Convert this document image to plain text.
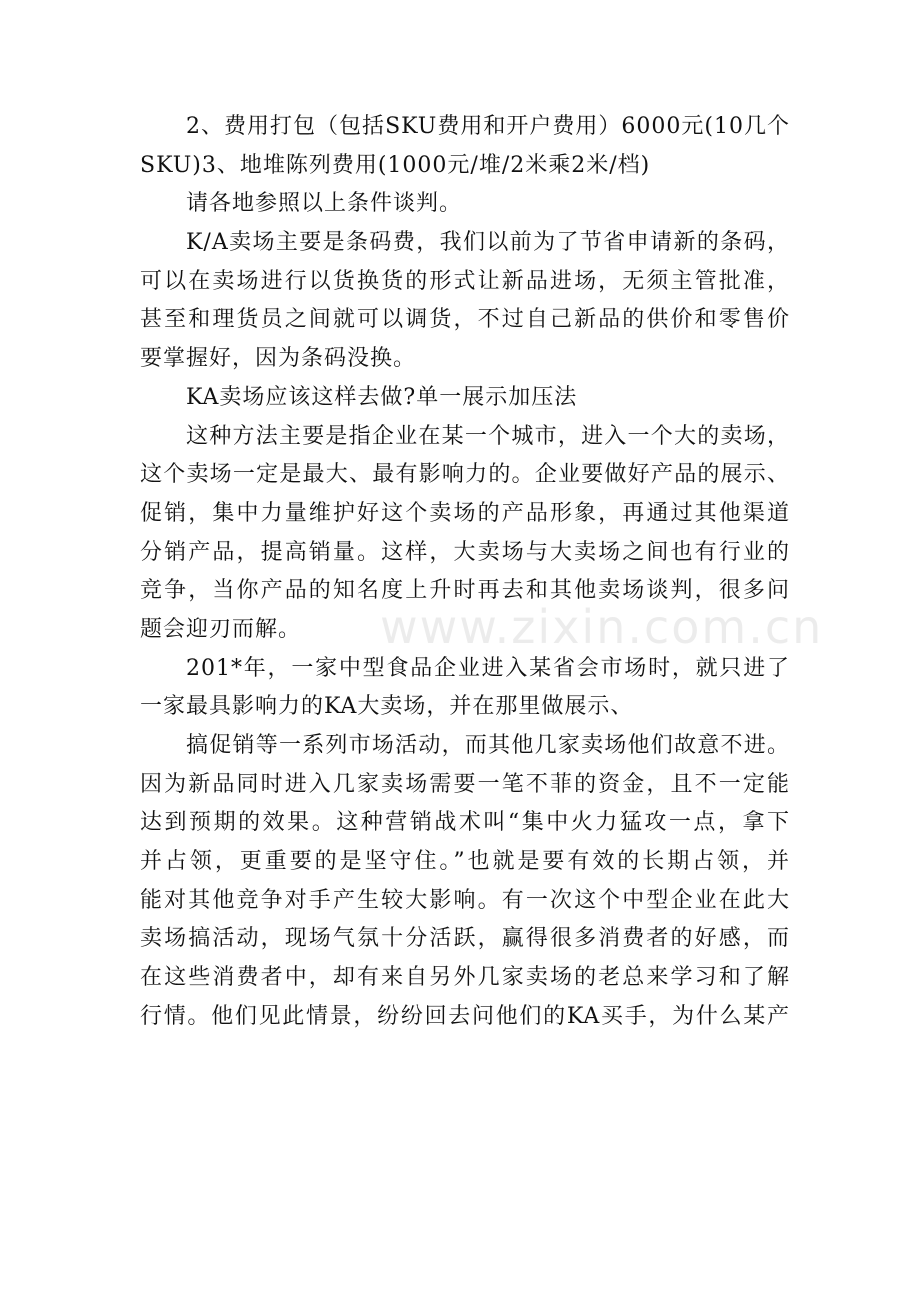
2、费用打包（包括SKU费用和开户费用）6000元(10几个
SKU)3、地堆陈列费用(1000元/堆/2米乘2米/档)
请各地参照以上条件谈判。
K/A卖场主要是条码费，我们以前为了节省申请新的条码，
可以在卖场进行以货换货的形式让新品进场，无须主管批准，
甚至和理货员之间就可以调货，不过自己新品的供价和零售价
要掌握好，因为条码没换。
KA卖场应该这样去做?单一展示加压法
这种方法主要是指企业在某一个城市，进入一个大的卖场，
这个卖场一定是最大、最有影响力的。企业要做好产品的展示、
促销，集中力量维护好这个卖场的产品形象，再通过其他渠道
分销产品，提高销量。这样，大卖场与大卖场之间也有行业的
竞争，当你产品的知名度上升时再去和其他卖场谈判，很多问
题会迎刃而解。
201*年，一家中型食品企业进入某省会市场时，就只进了
一家最具影响力的KA大卖场，并在那里做展示、
搞促销等一系列市场活动，而其他几家卖场他们故意不进。
因为新品同时进入几家卖场需要一笔不菲的资金，且不一定能
达到预期的效果。这种营销战术叫“集中火力猛攻一点，拿下
并占领，更重要的是坚守住。”也就是要有效的长期占领，并
能对其他竞争对手产生较大影响。有一次这个中型企业在此大
卖场搞活动，现场气氛十分活跃，赢得很多消费者的好感，而
在这些消费者中，却有来自另外几家卖场的老总来学习和了解
行情。他们见此情景，纷纷回去问他们的KA买手，为什么某产
www.zixin.com.cn
